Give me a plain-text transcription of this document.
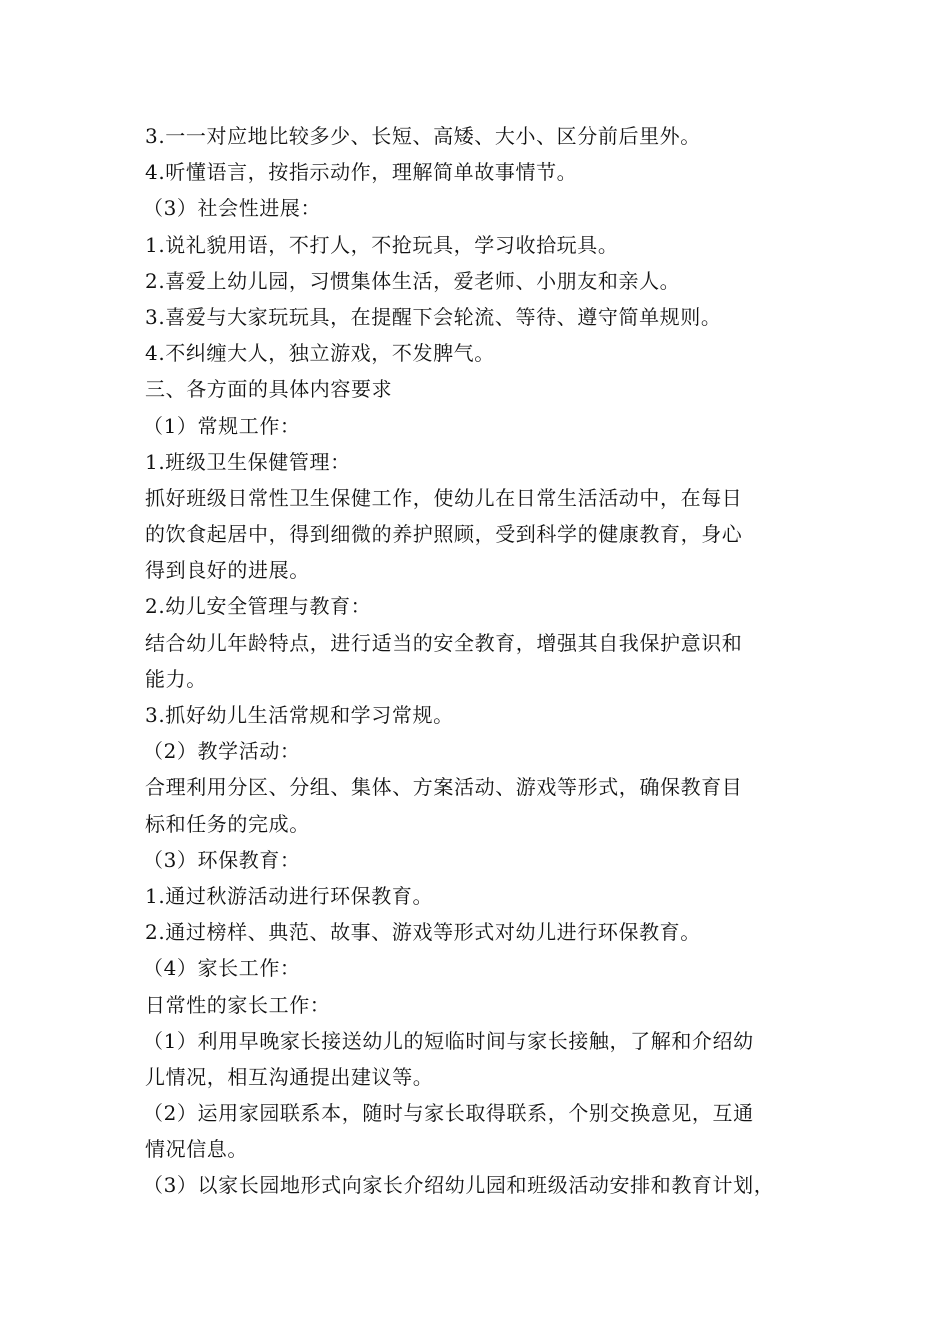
3.一一对应地比较多少、长短、高矮、大小、区分前后里外。
4.听懂语言，按指示动作，理解简单故事情节。
（3）社会性进展：
1.说礼貌用语，不打人，不抢玩具，学习收拾玩具。
2.喜爱上幼儿园，习惯集体生活，爱老师、小朋友和亲人。
3.喜爱与大家玩玩具，在提醒下会轮流、等待、遵守简单规则。
4.不纠缠大人，独立游戏，不发脾气。
三、各方面的具体内容要求
（1）常规工作：
1.班级卫生保健管理：
抓好班级日常性卫生保健工作，使幼儿在日常生活活动中，在每日
的饮食起居中，得到细微的养护照顾，受到科学的健康教育，身心
得到良好的进展。
2.幼儿安全管理与教育：
结合幼儿年龄特点，进行适当的安全教育，增强其自我保护意识和
能力。
3.抓好幼儿生活常规和学习常规。
（2）教学活动：
合理利用分区、分组、集体、方案活动、游戏等形式，确保教育目
标和任务的完成。
（3）环保教育：
1.通过秋游活动进行环保教育。
2.通过榜样、典范、故事、游戏等形式对幼儿进行环保教育。
（4）家长工作：
日常性的家长工作：
（1）利用早晚家长接送幼儿的短临时间与家长接触，了解和介绍幼
儿情况，相互沟通提出建议等。
（2）运用家园联系本，随时与家长取得联系，个别交换意见，互通
情况信息。
（3）以家长园地形式向家长介绍幼儿园和班级活动安排和教育计划，
